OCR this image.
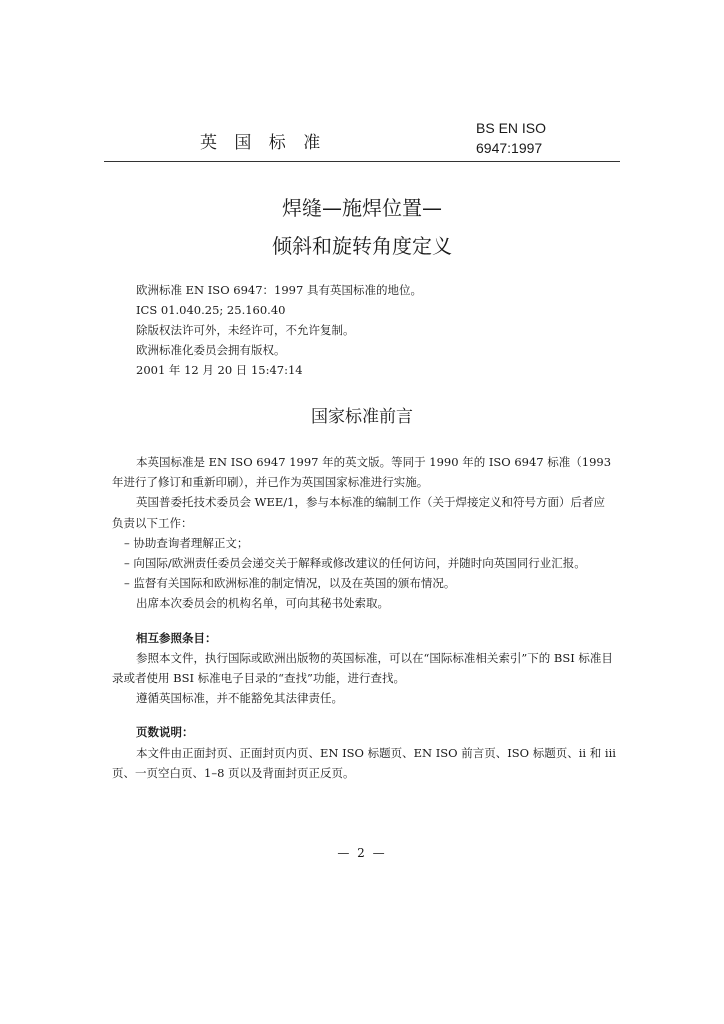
英 国 标 准
BS EN ISO
6947:1997
焊缝—施焊位置—
倾斜和旋转角度定义
欧洲标准 EN ISO 6947：1997 具有英国标准的地位。
ICS 01.040.25; 25.160.40
除版权法许可外，未经许可，不允许复制。
欧洲标准化委员会拥有版权。
2001 年 12 月 20 日 15:47:14
国家标准前言

本英国标准是 EN ISO 6947 1997 年的英文版。等同于 1990 年的 ISO 6947 标准（1993 年进行了修订和重新印刷），并已作为英国国家标准进行实施。

英国普委托技术委员会 WEE/1，参与本标准的编制工作（关于焊接定义和符号方面）后者应负责以下工作：

– 协助查询者理解正文；

– 向国际/欧洲责任委员会递交关于解释或修改建议的任何访问，并随时向英国同行业汇报。

– 监督有关国际和欧洲标准的制定情况，以及在英国的颁布情况。

出席本次委员会的机构名单，可向其秘书处索取。

相互参照条目：

参照本文件，执行国际或欧洲出版物的英国标准，可以在“国际标准相关索引”下的 BSI 标准目录或者使用 BSI 标准电子目录的“查找”功能，进行查找。

遵循英国标准，并不能豁免其法律责任。

页数说明：

本文件由正面封页、正面封页内页、EN ISO 标题页、EN ISO 前言页、ISO 标题页、ii 和 iii 页、一页空白页、1–8 页以及背面封页正反页。

— 2 —
